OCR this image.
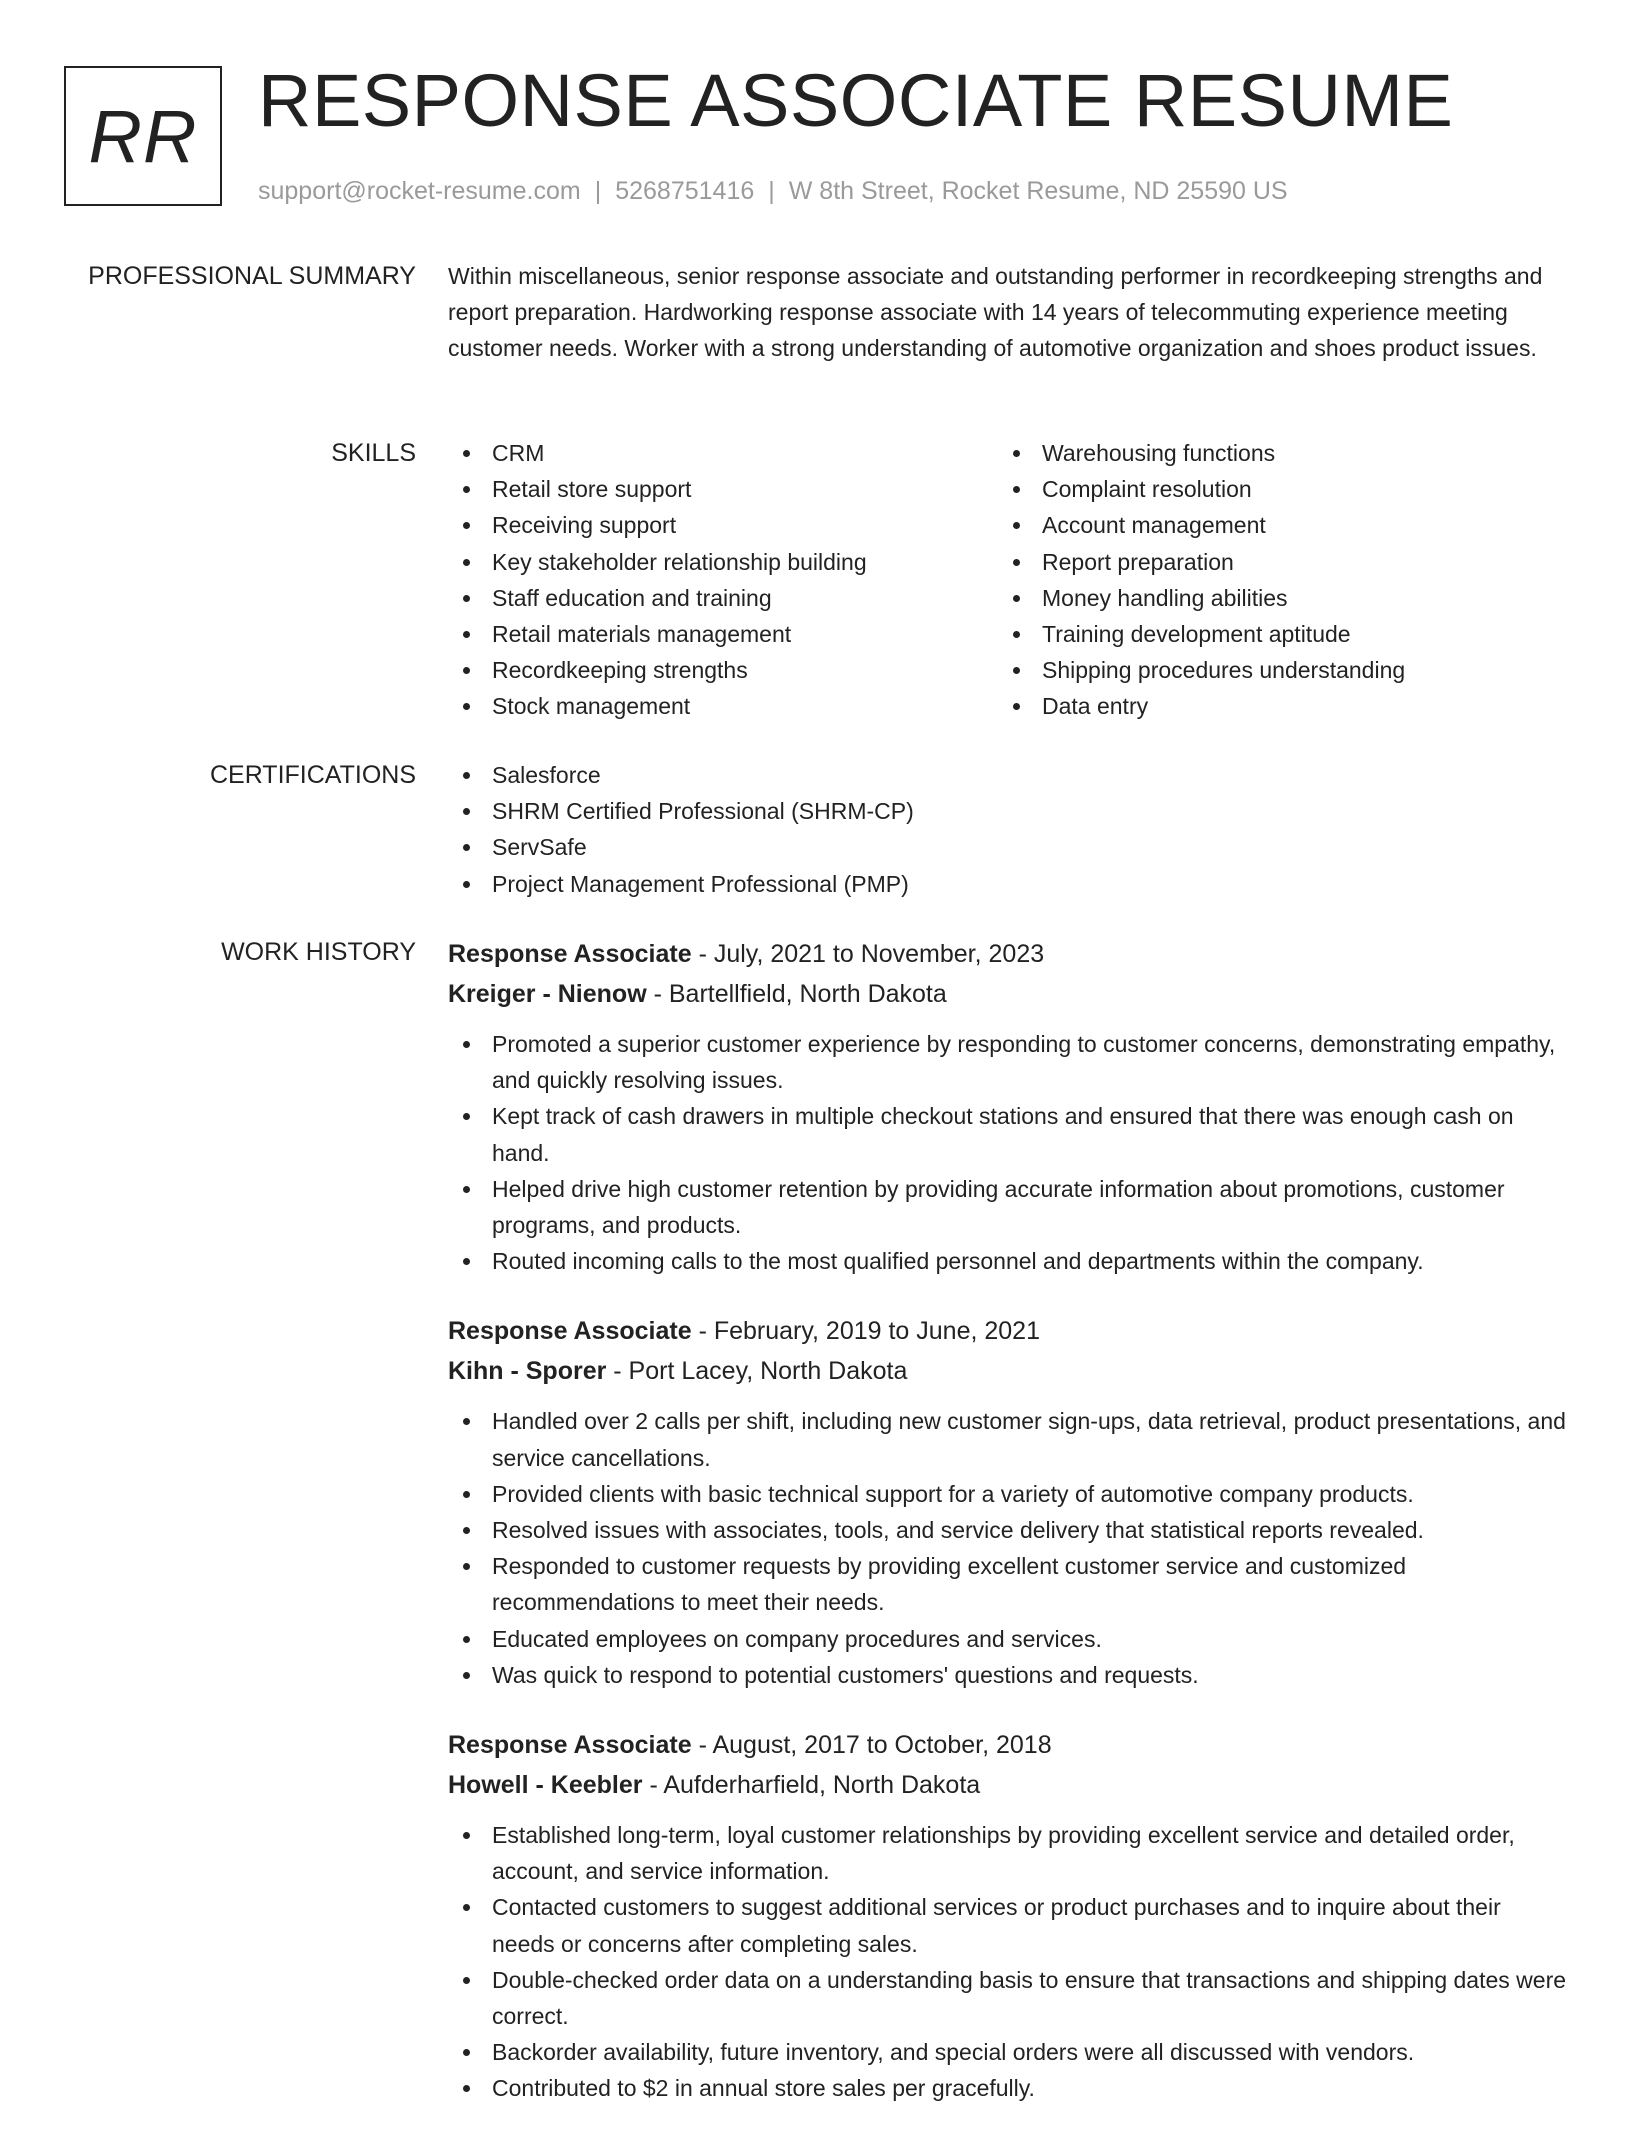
RR RESPONSE ASSOCIATE RESUME
support@rocket-resume.com | 5268751416 | W 8th Street, Rocket Resume, ND 25590 US
PROFESSIONAL SUMMARY Within miscellaneous, senior response associate and outstanding performer in recordkeeping strengths and report preparation. Hardworking response associate with 14 years of telecommuting experience meeting customer needs. Worker with a strong understanding of automotive organization and shoes product issues.

SKILLS	CRM
Retail store support
Receiving support
Key stakeholder relationship building
Staff education and training
Retail materials management
Recordkeeping strengths
Stock management
Warehousing functions
Complaint resolution
Account management
Report preparation
Money handling abilities
Training development aptitude
Shipping procedures understanding
Data entry
CERTIFICATIONS	Salesforce
SHRM Certified Professional (SHRM-CP)
ServSafe
Project Management Professional (PMP)
WORK HISTORY Response Associate - July, 2021 to November, 2023
Kreiger - Nienow - Bartellfield, North Dakota
Promoted a superior customer experience by responding to customer concerns, demonstrating empathy, and quickly resolving issues.
Kept track of cash drawers in multiple checkout stations and ensured that there was enough cash on hand.
Helped drive high customer retention by providing accurate information about promotions, customer programs, and products.
Routed incoming calls to the most qualified personnel and departments within the company.
Response Associate - February, 2019 to June, 2021
Kihn - Sporer - Port Lacey, North Dakota
Handled over 2 calls per shift, including new customer sign-ups, data retrieval, product presentations, and service cancellations.
Provided clients with basic technical support for a variety of automotive company products.
Resolved issues with associates, tools, and service delivery that statistical reports revealed.
Responded to customer requests by providing excellent customer service and customized recommendations to meet their needs.
Educated employees on company procedures and services.
Was quick to respond to potential customers' questions and requests.
Response Associate - August, 2017 to October, 2018
Howell - Keebler - Aufderharfield, North Dakota
Established long-term, loyal customer relationships by providing excellent service and detailed order, account, and service information.
Contacted customers to suggest additional services or product purchases and to inquire about their needs or concerns after completing sales.
Double-checked order data on a understanding basis to ensure that transactions and shipping dates were correct.
Backorder availability, future inventory, and special orders were all discussed with vendors.
Contributed to $2 in annual store sales per gracefully.
